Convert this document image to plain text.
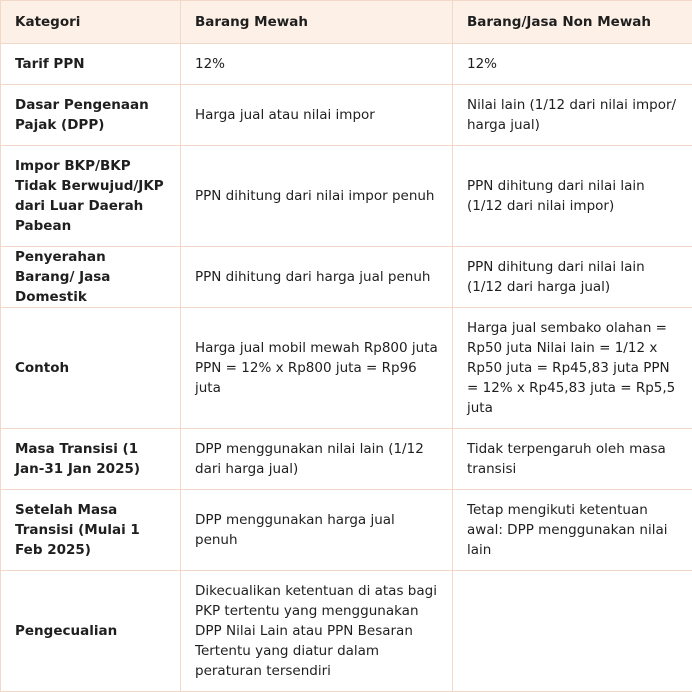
Kategori	Barang Mewah	Barang/Jasa Non Mewah
Tarif PPN	12%	12%
Dasar Pengenaan Pajak (DPP)	Harga jual atau nilai impor	Nilai lain (1/12 dari nilai impor/ harga jual)
Impor BKP/BKP Tidak Berwujud/JKP dari Luar Daerah Pabean	PPN dihitung dari nilai impor penuh	PPN dihitung dari nilai lain (1/12 dari nilai impor)
Penyerahan Barang/ Jasa Domestik	PPN dihitung dari harga jual penuh	PPN dihitung dari nilai lain (1/12 dari harga jual)
Contoh	Harga jual mobil mewah Rp800 juta PPN = 12% x Rp800 juta = Rp96 juta	Harga jual sembako olahan = Rp50 juta Nilai lain = 1/12 x Rp50 juta = Rp45,83 juta PPN = 12% x Rp45,83 juta = Rp5,5 juta
Masa Transisi (1 Jan-31 Jan 2025)	DPP menggunakan nilai lain (1/12 dari harga jual)	Tidak terpengaruh oleh masa transisi
Setelah Masa Transisi (Mulai 1 Feb 2025)	DPP menggunakan harga jual penuh	Tetap mengikuti ketentuan awal: DPP menggunakan nilai lain
Pengecualian	Dikecualikan ketentuan di atas bagi PKP tertentu yang menggunakan DPP Nilai Lain atau PPN Besaran Tertentu yang diatur dalam peraturan tersendiri	
